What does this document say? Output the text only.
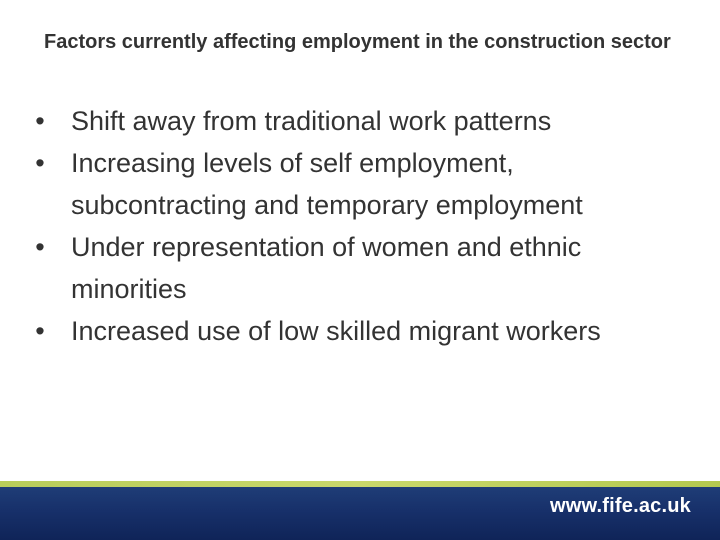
Factors currently affecting employment in the construction sector
• Shift away from traditional work patterns
• Increasing levels of self employment, subcontracting and temporary employment
• Under representation of women and ethnic minorities
• Increased use of low skilled migrant workers
www.fife.ac.uk
